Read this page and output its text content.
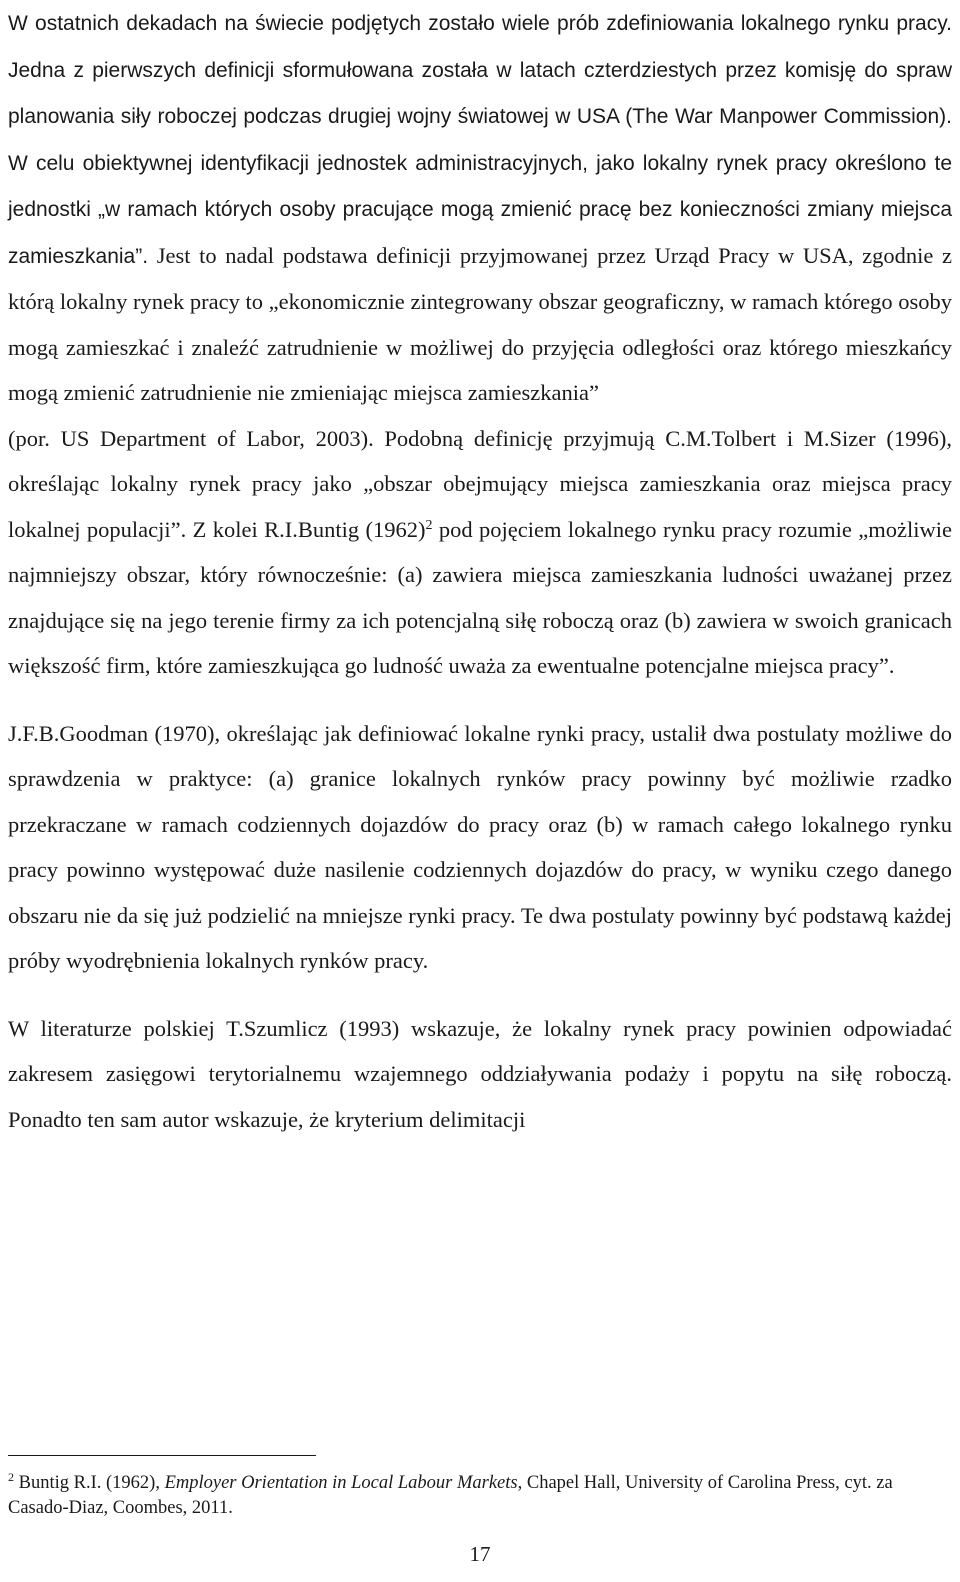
W ostatnich dekadach na świecie podjętych zostało wiele prób zdefiniowania lokalnego rynku pracy. Jedna z pierwszych definicji sformułowana została w latach czterdziestych przez komisję do spraw planowania siły roboczej podczas drugiej wojny światowej w USA (The War Manpower Commission). W celu obiektywnej identyfikacji jednostek administracyjnych, jako lokalny rynek pracy określono te jednostki „w ramach których osoby pracujące mogą zmienić pracę bez konieczności zmiany miejsca zamieszkania”. Jest to nadal podstawa definicji przyjmowanej przez Urząd Pracy w USA, zgodnie z którą lokalny rynek pracy to „ekonomicznie zintegrowany obszar geograficzny, w ramach którego osoby mogą zamieszkać i znaleźć zatrudnienie w możliwej do przyjęcia odległości oraz którego mieszkańcy mogą zmienić zatrudnienie nie zmieniając miejsca zamieszkania”

(por. US Department of Labor, 2003). Podobną definicję przyjmują C.M.Tolbert i M.Sizer (1996), określając lokalny rynek pracy jako „obszar obejmujący miejsca zamieszkania oraz miejsca pracy lokalnej populacji”. Z kolei R.I.Buntig (1962)$^2$ pod pojęciem lokalnego rynku pracy rozumie „możliwie najmniejszy obszar, który równocześnie: (a) zawiera miejsca zamieszkania ludności uważanej przez znajdujące się na jego terenie firmy za ich potencjalną siłę roboczą oraz (b) zawiera w swoich granicach większość firm, które zamieszkująca go ludność uważa za ewentualne potencjalne miejsca pracy”.

J.F.B.Goodman (1970), określając jak definiować lokalne rynki pracy, ustalił dwa postulaty możliwe do sprawdzenia w praktyce: (a) granice lokalnych rynków pracy powinny być możliwie rzadko przekraczane w ramach codziennych dojazdów do pracy oraz (b) w ramach całego lokalnego rynku pracy powinno występować duże nasilenie codziennych dojazdów do pracy, w wyniku czego danego obszaru nie da się już podzielić na mniejsze rynki pracy. Te dwa postulaty powinny być podstawą każdej próby wyodrębnienia lokalnych rynków pracy.

W literaturze polskiej T.Szumlicz (1993) wskazuje, że lokalny rynek pracy powinien odpowiadać zakresem zasięgowi terytorialnemu wzajemnego oddziaływania podaży i popytu na siłę roboczą. Ponadto ten sam autor wskazuje, że kryterium delimitacji

$^2$ Buntig R.I. (1962), Employer Orientation in Local Labour Markets, Chapel Hall, University of Carolina Press, cyt. za Casado-Diaz, Coombes, 2011.

17
